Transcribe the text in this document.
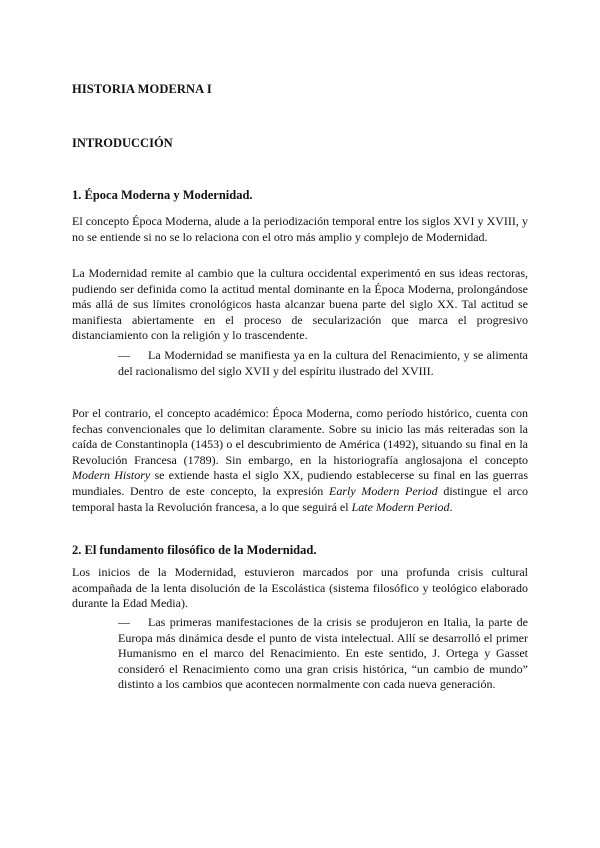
HISTORIA MODERNA I
INTRODUCCIÓN
1. Época Moderna y Modernidad.

El concepto Época Moderna, alude a la periodización temporal entre los siglos XVI y XVIII, y no se entiende si no se lo relaciona con el otro más amplio y complejo de Modernidad.

La Modernidad remite al cambio que la cultura occidental experimentó en sus ideas rectoras, pudiendo ser definida como la actitud mental dominante en la Época Moderna, prolongándose más allá de sus límites cronológicos hasta alcanzar buena parte del siglo XX. Tal actitud se manifiesta abiertamente en el proceso de secularización que marca el progresivo distanciamiento con la religión y lo trascendente.

— La Modernidad se manifiesta ya en la cultura del Renacimiento, y se alimenta del racionalismo del siglo XVII y del espíritu ilustrado del XVIII.

Por el contrario, el concepto académico: Época Moderna, como período histórico, cuenta con fechas convencionales que lo delimitan claramente. Sobre su inicio las más reiteradas son la caída de Constantinopla (1453) o el descubrimiento de América (1492), situando su final en la Revolución Francesa (1789). Sin embargo, en la historiografía anglosajona el concepto Modern History se extiende hasta el siglo XX, pudiendo establecerse su final en las guerras mundiales. Dentro de este concepto, la expresión Early Modern Period distingue el arco temporal hasta la Revolución francesa, a lo que seguirá el Late Modern Period.

2. El fundamento filosófico de la Modernidad.

Los inicios de la Modernidad, estuvieron marcados por una profunda crisis cultural acompañada de la lenta disolución de la Escolástica (sistema filosófico y teológico elaborado durante la Edad Media).

— Las primeras manifestaciones de la crisis se produjeron en Italia, la parte de Europa más dinámica desde el punto de vista intelectual. Allí se desarrolló el primer Humanismo en el marco del Renacimiento. En este sentido, J. Ortega y Gasset consideró el Renacimiento como una gran crisis histórica, “un cambio de mundo” distinto a los cambios que acontecen normalmente con cada nueva generación.
